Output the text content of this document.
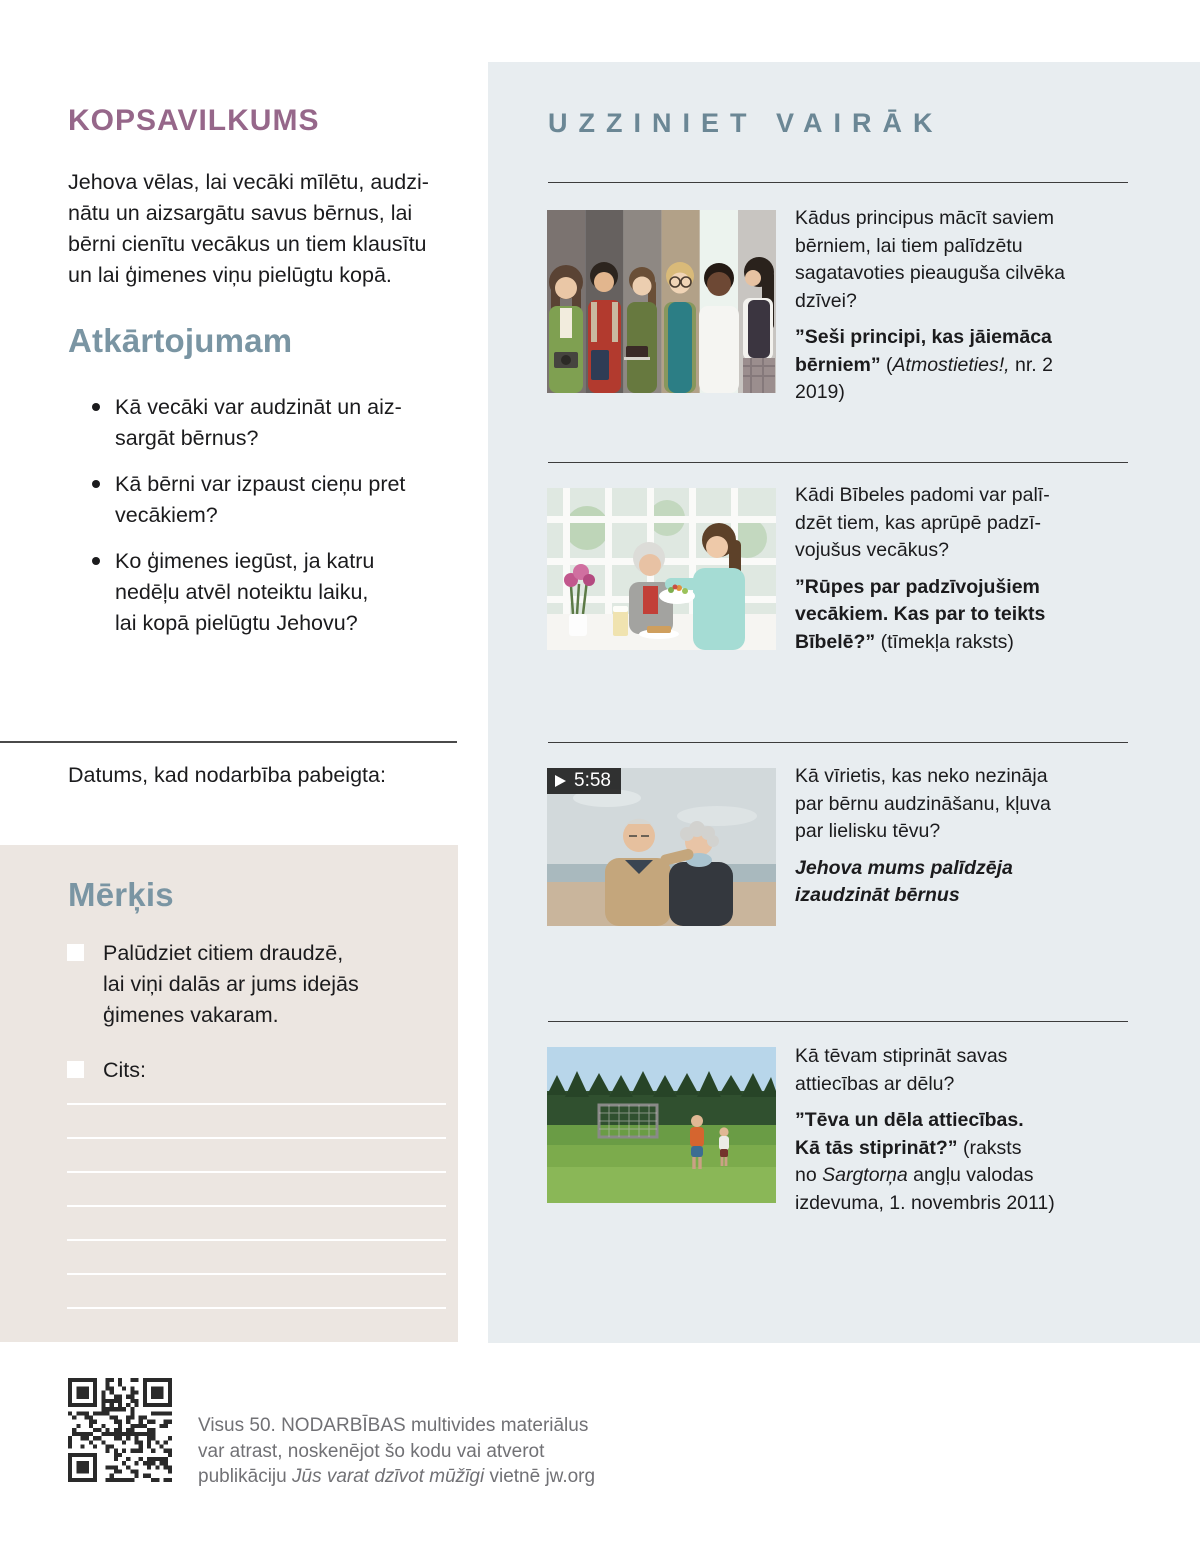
KOPSAVILKUMS

Jehova vēlas, lai vecāki mīlētu, audzi-
nātu un aizsargātu savus bērnus, lai
bērni cienītu vecākus un tiem klausītu
un lai ģimenes viņu pielūgtu kopā.

Atkārtojumam
Kā vecāki var audzināt un aiz-
sargāt bērnus?
Kā bērni var izpaust cieņu pret
vecākiem?
Ko ģimenes iegūst, ja katru
nedēļu atvēl noteiktu laiku,
lai kopā pielūgtu Jehovu?

Datums, kad nodarbība pabeigta:

Mērķis
Palūdziet citiem draudzē,
lai viņi dalās ar jums idejās
ģimenes vakaram.
Cits:
UZZINIET VAIRĀK

Kādus principus mācīt saviem
bērniem, lai tiem palīdzētu
sagatavoties pieauguša cilvēka
dzīvei?

”Seši principi, kas jāiemāca
bērniem” (Atmostieties!, nr. 2
2019)

Kādi Bībeles padomi var palī-
dzēt tiem, kas aprūpē padzī-
vojušus vecākus?

”Rūpes par padzīvojušiem
vecākiem. Kas par to teikts
Bībelē?” (tīmekļa raksts)

5:58	Kā vīrietis, kas neko nezināja
par bērnu audzināšanu, kļuva
par lielisku tēvu?

Jehova mums palīdzēja
izaudzināt bērnus

Kā tēvam stiprināt savas
attiecības ar dēlu?

”Tēva un dēla attiecības.
Kā tās stiprināt?” (raksts
no Sargtorņa angļu valodas
izdevuma, 1. novembris 2011)

Visus 50. NODARBĪBAS multivides materiālus
var atrast, noskenējot šo kodu vai atverot
publikāciju Jūs varat dzīvot mūžīgi vietnē jw.org
